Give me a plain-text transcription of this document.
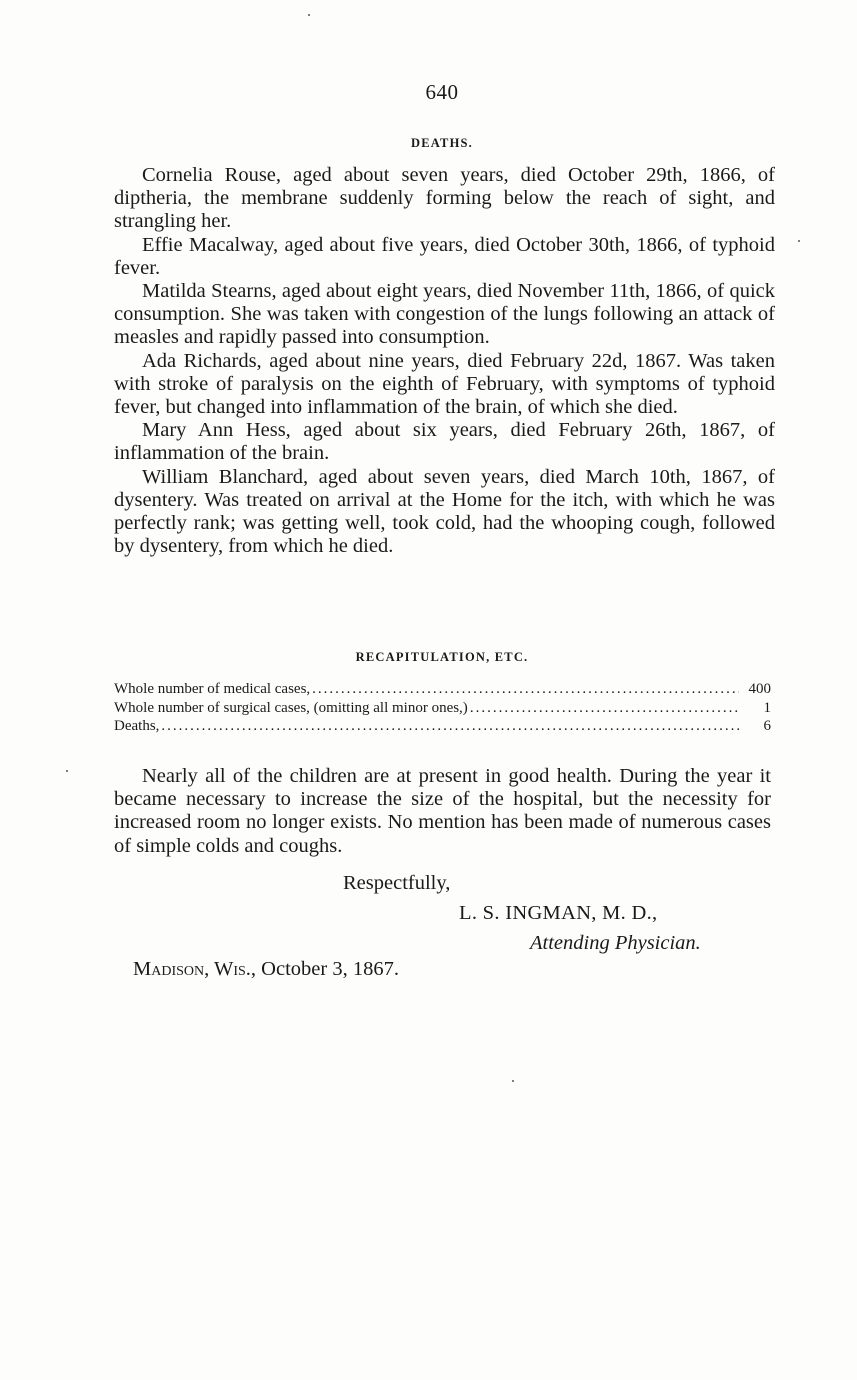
640
DEATHS.

Cornelia Rouse, aged about seven years, died October 29th, 1866, of diptheria, the membrane suddenly forming below the reach of sight, and strangling her.

Effie Macalway, aged about five years, died October 30th, 1866, of typhoid fever.

Matilda Stearns, aged about eight years, died November 11th, 1866, of quick consumption. She was taken with congestion of the lungs following an attack of measles and rapidly passed into consumption.

Ada Richards, aged about nine years, died February 22d, 1867. Was taken with stroke of paralysis on the eighth of February, with symptoms of typhoid fever, but changed into inflammation of the brain, of which she died.

Mary Ann Hess, aged about six years, died February 26th, 1867, of inflammation of the brain.

William Blanchard, aged about seven years, died March 10th, 1867, of dysentery. Was treated on arrival at the Home for the itch, with which he was perfectly rank; was getting well, took cold, had the whooping cough, followed by dysentery, from which he died.

RECAPITULATION, ETC.
Whole number of medical cases, .....	400
Whole number of surgical cases, (omitting all minor ones,) .....	1
Deaths, .....	6

Nearly all of the children are at present in good health. During the year it became necessary to increase the size of the hospital, but the necessity for increased room no longer exists. No mention has been made of numerous cases of simple colds and coughs.

Respectfully,
L. S. INGMAN, M. D.,
Attending Physician.
Madison, Wis., October 3, 1867.
